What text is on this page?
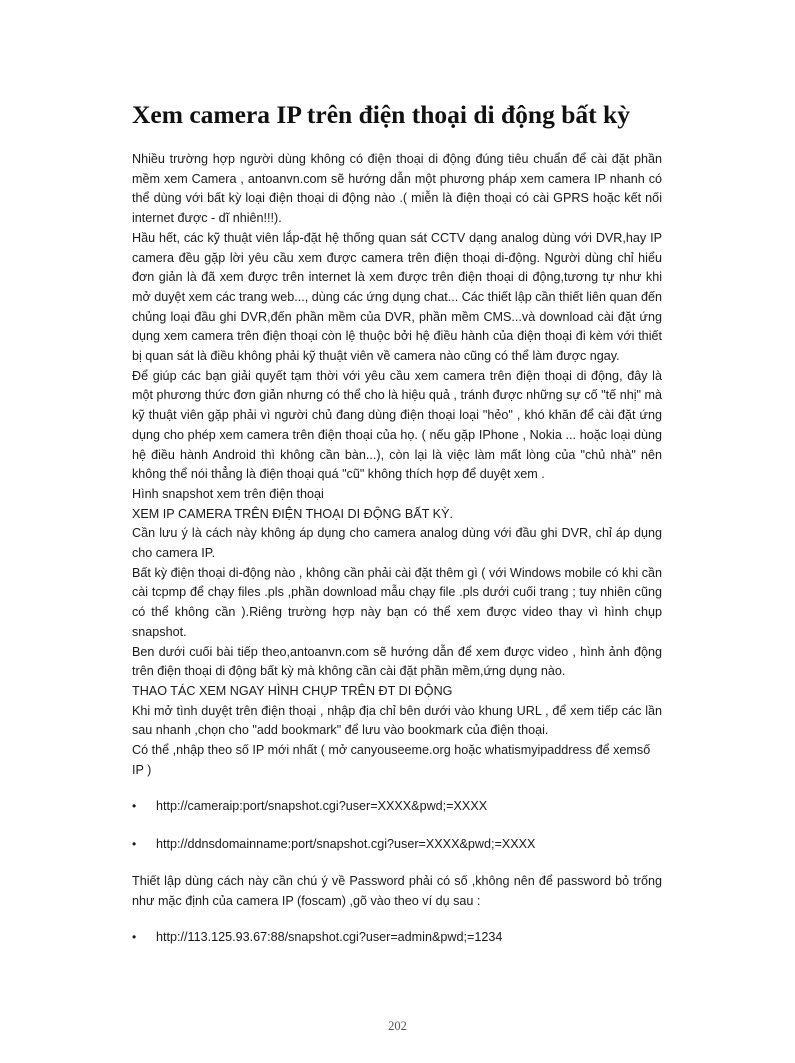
Xem camera IP trên điện thoại di động bất kỳ

Nhiều trường hợp người dùng không có điện thoại di động đúng tiêu chuẩn để cài đặt phần mềm xem Camera , antoanvn.com sẽ hướng dẫn một phương pháp xem camera IP nhanh có thể dùng với bất kỳ loại điện thoại di động nào .( miễn là điện thoại có cài GPRS hoặc kết nối internet được - dĩ nhiên!!!).

Hầu hết, các kỹ thuật viên lắp-đặt hệ thống quan sát CCTV dạng analog dùng với DVR,hay IP camera đều gặp lời yêu cầu xem được camera trên điện thoại di-động. Người dùng chỉ hiểu đơn giản là đã xem được trên internet là xem được trên điện thoại di động,tương tự như khi mở duyệt xem các trang web..., dùng các ứng dụng chat... Các thiết lập cần thiết liên quan đến chủng loại đầu ghi DVR,đến phần mềm của DVR, phần mềm CMS...và download cài đặt ứng dụng xem camera trên điện thoại còn lệ thuộc bởi hệ điều hành của điện thoại đi kèm với thiết bị quan sát là điều không phải kỹ thuật viên về camera nào cũng có thể làm được ngay.

Để giúp các bạn giải quyết tạm thời với yêu cầu xem camera trên điện thoại di động, đây là một phương thức đơn giản nhưng có thể cho là hiệu quả , tránh được những sự cố "tế nhị" mà kỹ thuật viên gặp phải vì người chủ đang dùng điện thoại loại "hẻo" , khó khăn để cài đặt ứng dụng cho phép xem camera trên điện thoại của họ. ( nếu gặp IPhone , Nokia ... hoặc loại dùng hệ điều hành Android thì không cần bàn...), còn lại là việc làm mất lòng của "chủ nhà" nên không thể nói thẳng là điện thoại quá "cũ" không thích hợp để duyệt xem .

Hình snapshot xem trên điện thoại

XEM IP CAMERA TRÊN ĐIỆN THOẠI DI ĐỘNG BẤT KỲ.

Cần lưu ý là cách này không áp dụng cho camera analog dùng với đầu ghi DVR, chỉ áp dụng cho camera IP.

Bất kỳ điện thoại di-động nào , không cần phải cài đặt thêm gì ( với Windows mobile có khi cần cài tcpmp để chạy files .pls ,phần download mẫu chạy file .pls dưới cuối trang ; tuy nhiên cũng có thể không cần ).Riêng trường hợp này bạn có thể xem được video thay vì hình chụp snapshot.

Ben dưới cuối bài tiếp theo,antoanvn.com sẽ hướng dẫn để xem được video , hình ảnh động trên điện thoại di động bất kỳ mà không cần cài đặt phần mềm,ứng dụng nào.

THAO TÁC XEM NGAY HÌNH CHỤP TRÊN ĐT DI ĐỘNG

Khi mở tình duyệt trên điện thoại , nhập địa chỉ bên dưới vào khung URL , để xem tiếp các lần sau nhanh ,chọn cho "add bookmark" để lưu vào bookmark của điện thoại.

Có thể ,nhập theo số IP mới nhất ( mở canyouseeme.org hoặc whatismyipaddress để xemsố IP )

• http://cameraip:port/snapshot.cgi?user=XXXX&pwd;=XXXX
• http://ddnsdomainname:port/snapshot.cgi?user=XXXX&pwd;=XXXX

Thiết lập dùng cách này cần chú ý về Password phải có số ,không nên để password bỏ trống như mặc định của camera IP (foscam) ,gõ vào theo ví dụ sau :

• http://113.125.93.67:88/snapshot.cgi?user=admin&pwd;=1234
202
